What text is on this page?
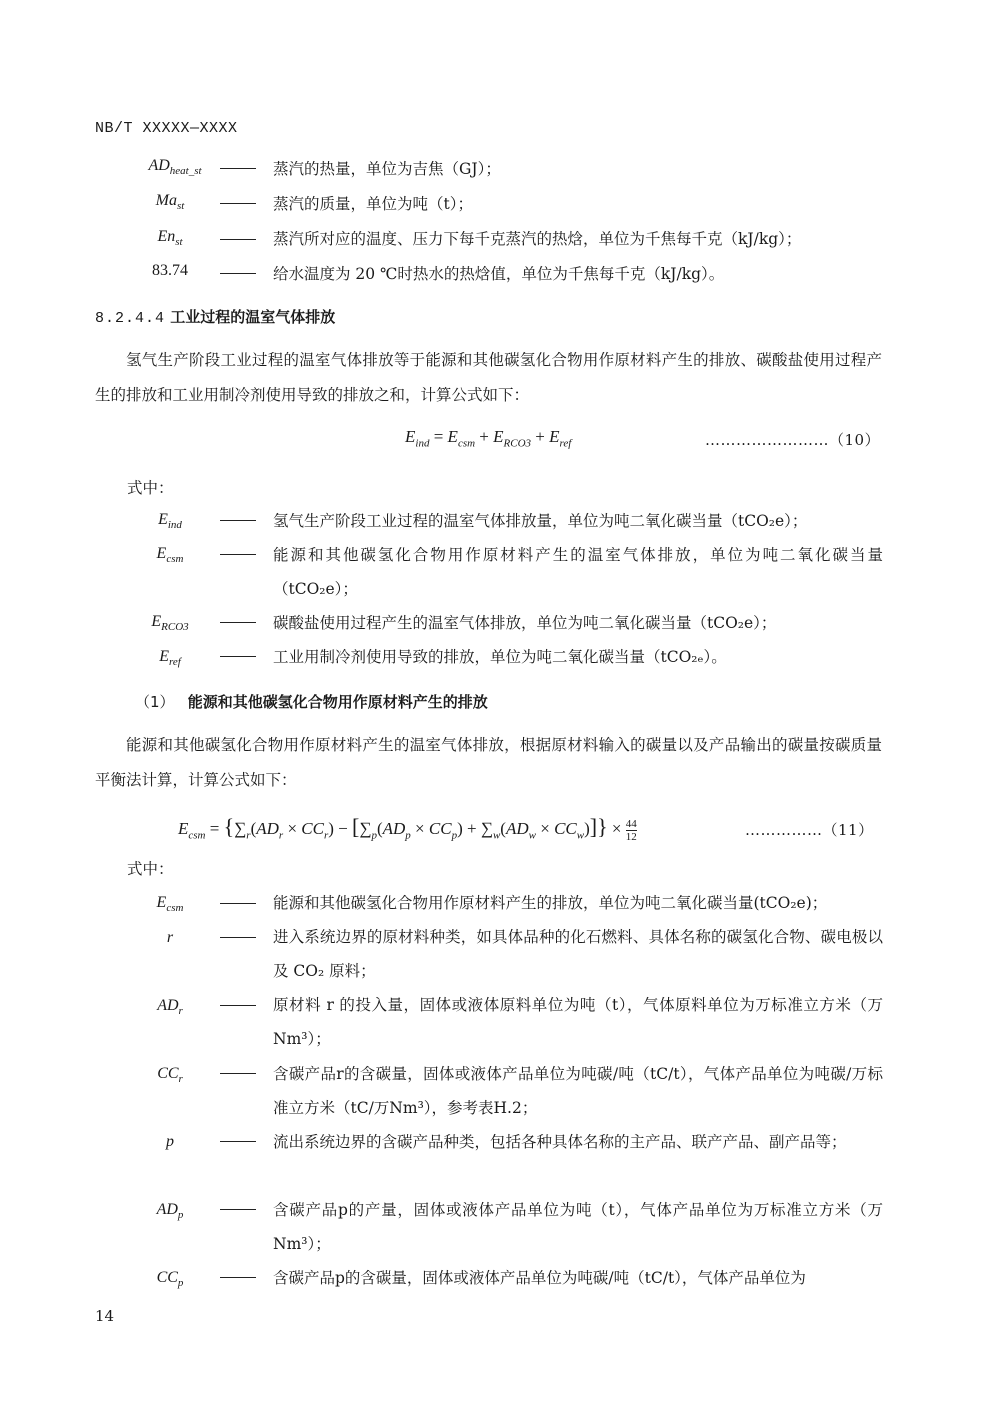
NB/T XXXXX—XXXX
$AD_{heat\_st}$	蒸汽的热量，单位为吉焦（GJ）；
$Ma_{st}$	蒸汽的质量，单位为吨（t）；
$En_{st}$	蒸汽所对应的温度、压力下每千克蒸汽的热焓，单位为千焦每千克（kJ/kg）；
83.74	给水温度为 20 ℃时热水的热焓值，单位为千焦每千克（kJ/kg）。
8.2.4.4 工业过程的温室气体排放
氢气生产阶段工业过程的温室气体排放等于能源和其他碳氢化合物用作原材料产生的排放、碳酸盐使用过程产生的排放和工业用制冷剂使用导致的排放之和，计算公式如下：
$E_{ind} = E_{csm} + E_{RCO3} + E_{ref}$	……………………（10）
式中：
$E_{ind}$	氢气生产阶段工业过程的温室气体排放量，单位为吨二氧化碳当量（tCO₂e）；
$E_{csm}$	能源和其他碳氢化合物用作原材料产生的温室气体排放，单位为吨二氧化碳当量（tCO₂e）；
$E_{RCO3}$	碳酸盐使用过程产生的温室气体排放，单位为吨二氧化碳当量（tCO₂e）；
$E_{ref}$	工业用制冷剂使用导致的排放，单位为吨二氧化碳当量（tCO₂ₑ）。
（1） 能源和其他碳氢化合物用作原材料产生的排放
能源和其他碳氢化合物用作原材料产生的温室气体排放，根据原材料输入的碳量以及产品输出的碳量按碳质量平衡法计算，计算公式如下：
$E_{csm} = \{\sum_r(AD_r \times CC_r) - [\sum_p(AD_p \times CC_p) + \sum_w(AD_w \times CC_w)]\} \times \frac{44}{12}$	……………（11）
式中：
$E_{csm}$	能源和其他碳氢化合物用作原材料产生的排放，单位为吨二氧化碳当量(tCO₂e)；
r	进入系统边界的原材料种类，如具体品种的化石燃料、具体名称的碳氢化合物、碳电极以及 CO₂ 原料；
$AD_r$	原材料 r 的投入量，固体或液体原料单位为吨（t），气体原料单位为万标准立方米（万 Nm³）；
$CC_r$	含碳产品r的含碳量，固体或液体产品单位为吨碳/吨（tC/t），气体产品单位为吨碳/万标准立方米（tC/万Nm³），参考表H.2；
p	流出系统边界的含碳产品种类，包括各种具体名称的主产品、联产产品、副产品等；
$AD_p$	含碳产品p的产量，固体或液体产品单位为吨（t），气体产品单位为万标准立方米（万Nm³）；
$CC_p$	含碳产品p的含碳量，固体或液体产品单位为吨碳/吨（tC/t），气体产品单位为
14
